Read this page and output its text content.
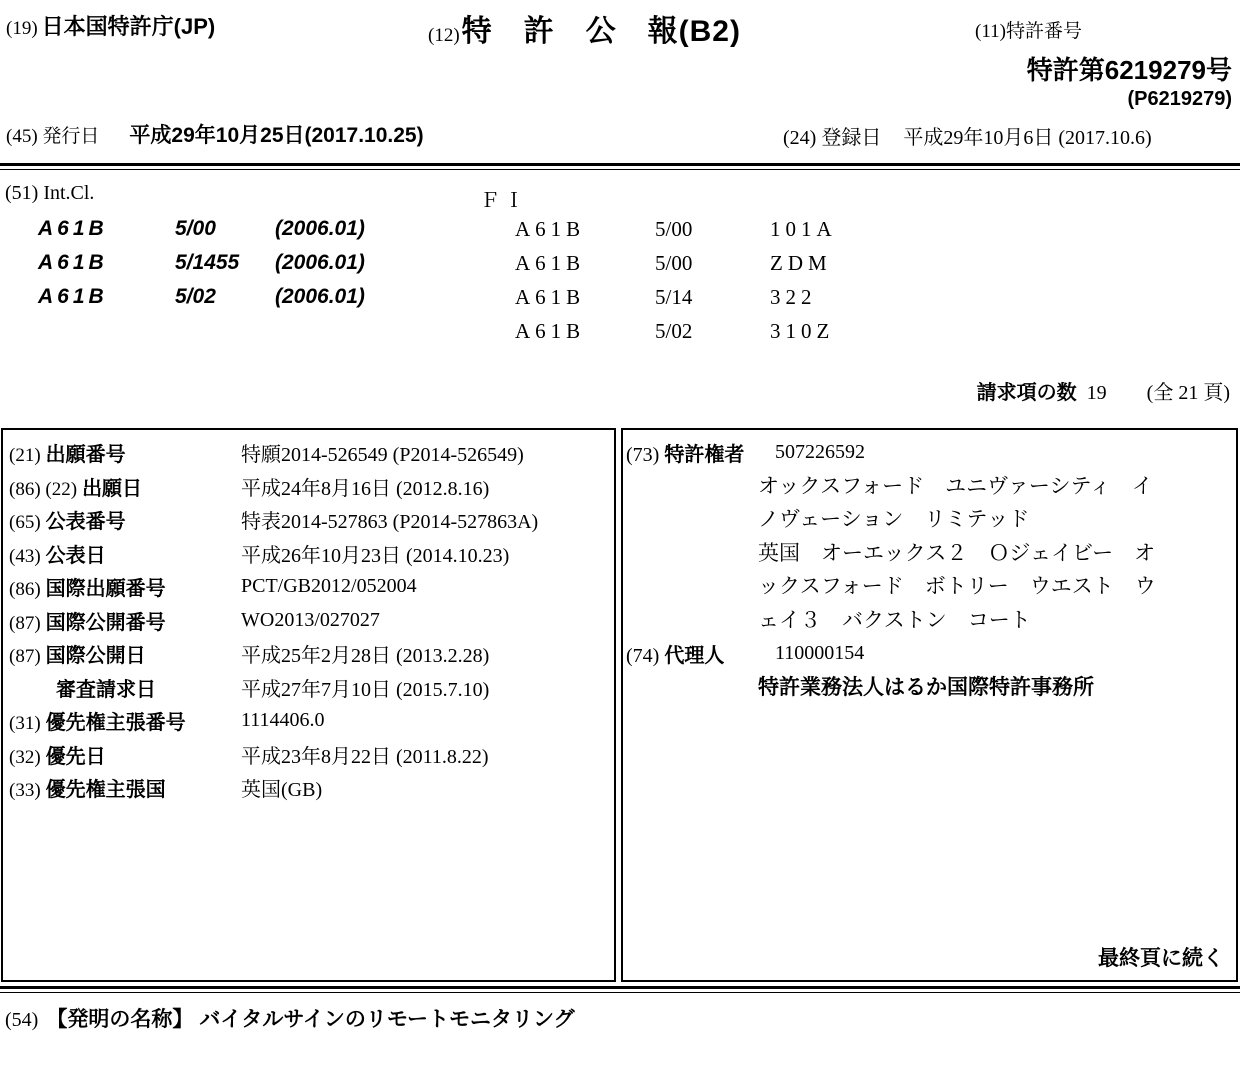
(19) 日本国特許庁(JP)	(12)特　許　公　報(B2)	(11)特許番号
特許第6219279号
(P6219279)
(45) 発行日 平成29年10月25日(2017.10.25)	(24) 登録日 平成29年10月6日 (2017.10.6)
(51) Int.Cl.
A61B	5/00	(2006.01)
A61B	5/1455	(2006.01)
A61B	5/02	(2006.01)
ＦＩ
A61B	5/00	101A
A61B	5/00	ZDM
A61B	5/14	322
A61B	5/02	310Z
請求項の数 19 (全 21 頁)
(21) 出願番号	特願2014-526549 (P2014-526549)
(86) (22) 出願日	平成24年8月16日 (2012.8.16)
(65) 公表番号	特表2014-527863 (P2014-527863A)
(43) 公表日	平成26年10月23日 (2014.10.23)
(86) 国際出願番号	PCT/GB2012/052004
(87) 国際公開番号	WO2013/027027
(87) 国際公開日	平成25年2月28日 (2013.2.28)
審査請求日	平成27年7月10日 (2015.7.10)
(31) 優先権主張番号	1114406.0
(32) 優先日	平成23年8月22日 (2011.8.22)
(33) 優先権主張国	英国(GB)
(73) 特許権者	507226592
オックスフォード　ユニヴァーシティ　イ
ノヴェーション　リミテッド
英国　オーエックス２　Ｏジェイビー　オ
ックスフォード　ボトリー　ウエスト　ウ
ェイ３　バクストン　コート
(74) 代理人	110000154
特許業務法人はるか国際特許事務所
最終頁に続く
(54) 【発明の名称】 バイタルサインのリモートモニタリング
